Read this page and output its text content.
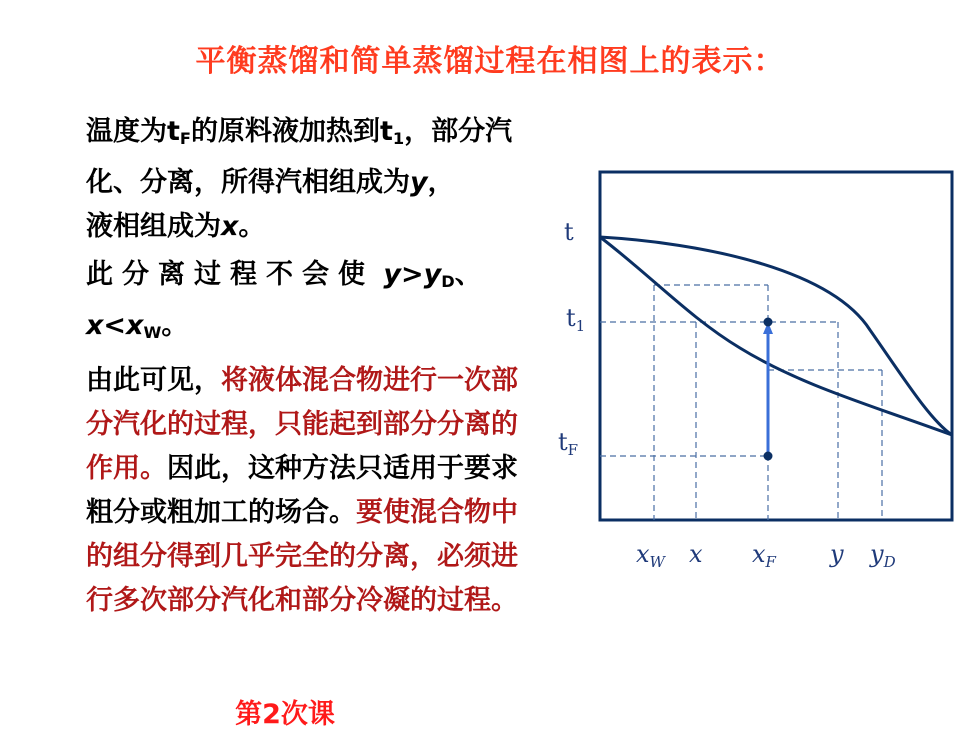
平衡蒸馏和简单蒸馏过程在相图上的表示：

温度为$t_F$的原料液加热到$t_1$，部分汽化、分离，所得汽相组成为y，
液相组成为x。

此分离过程不会使 $y>y_D$、
$x<x_W$。

由此可见，将液体混合物进行一次部分汽化的过程，只能起到部分分离的作用。因此，这种方法只适用于要求粗分或粗加工的场合。要使混合物中的组分得到几乎完全的分离，必须进行多次部分汽化和部分冷凝的过程。

第2次课
t
$t_1$
$t_F$
$x_W$ x $x_F$ y $y_D$
